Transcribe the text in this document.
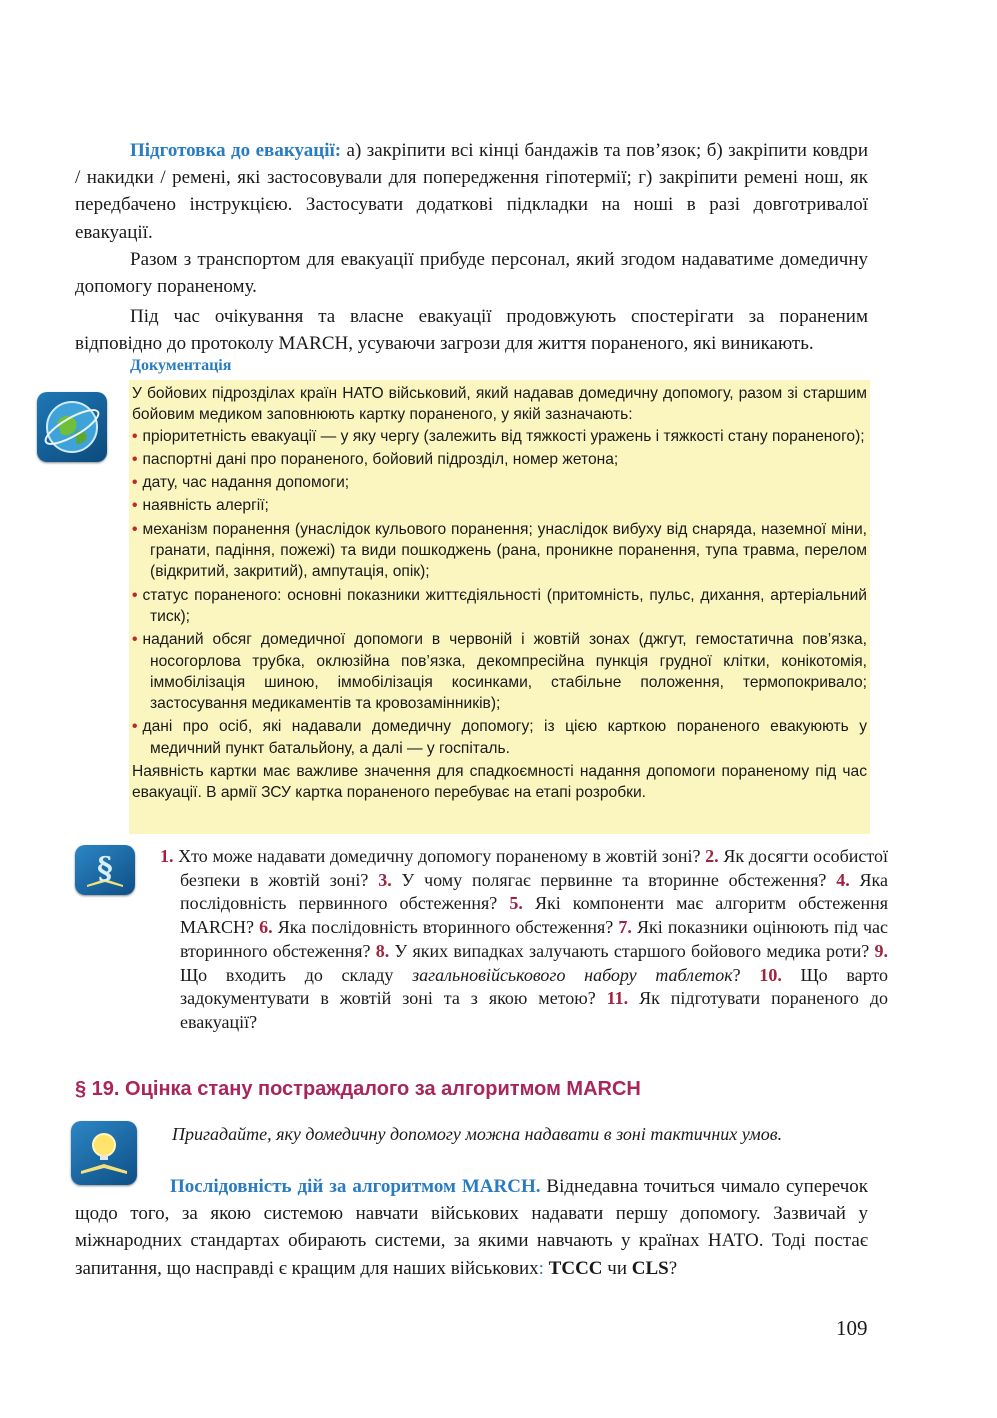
Підготовка до евакуації: а) закріпити всі кінці бандажів та пов’язок; б) закріпити ковдри / накидки / ремені, які застосовували для попередження гіпотермії; г) закріпити ремені нош, як передбачено інструкцією. Застосувати додаткові підкладки на ноші в разі довготривалої евакуації.
Разом з транспортом для евакуації прибуде персонал, який згодом надаватиме домедичну допомогу пораненому.
Під час очікування та власне евакуації продовжують спостерігати за пораненим відповідно до протоколу MARCH, усуваючи загрози для життя пораненого, які виникають.
Документація

У бойових підрозділах країн НАТО військовий, який надавав домедичну допомогу, разом зі старшим бойовим медиком заповнюють картку пораненого, у якій зазначають:

• пріоритетність евакуації — у яку чергу (залежить від тяжкості уражень і тяжкості стану пораненого);
• паспортні дані про пораненого, бойовий підрозділ, номер жетона;
• дату, час надання допомоги;
• наявність алергії;
• механізм поранення (унаслідок кульового поранення; унаслідок вибуху від снаряда, наземної міни, гранати, падіння, пожежі) та види пошкоджень (рана, проникне поранення, тупа травма, перелом (відкритий, закритий), ампутація, опік);
• статус пораненого: основні показники життєдіяльності (притомність, пульс, дихання, артеріальний тиск);
• наданий обсяг домедичної допомоги в червоній і жовтій зонах (джгут, гемостатична пов’язка, носогорлова трубка, оклюзійна пов’язка, декомпресійна пункція грудної клітки, конікотомія, іммобілізація шиною, іммобілізація косинками, стабільне положення, термопокривало; застосування медикаментів та кровозамінників);
• дані про осіб, які надавали домедичну допомогу; із цією карткою пораненого евакуюють у медичний пункт батальйону, а далі — у госпіталь.

Наявність картки має важливе значення для спадкоємності надання допомоги пораненому під час евакуації. В армії ЗСУ картка пораненого перебуває на етапі розробки.

§	1. Хто може надавати домедичну допомогу пораненому в жовтій зоні? 2. Як досягти особистої безпеки в жовтій зоні? 3. У чому полягає первинне та вторинне обстеження? 4. Яка послідовність первинного обстеження? 5. Які компоненти має алгоритм обстеження MARCH? 6. Яка послідовність вторинного обстеження? 7. Які показники оцінюють під час вторинного обстеження? 8. У яких випадках залучають старшого бойового медика роти? 9. Що входить до складу загальновійськового набору таблеток? 10. Що варто задокументувати в жовтій зоні та з якою метою? 11. Як підготувати пораненого до евакуації?
§ 19. Оцінка стану постраждалого за алгоритмом MARCH
Пригадайте, яку домедичну допомогу можна надавати в зоні тактичних умов.
Послідовність дій за алгоритмом MARCH. Віднедавна точиться чимало суперечок щодо того, за якою системою навчати військових надавати першу допомогу. Зазвичай у міжнародних стандартах обирають системи, за якими навчають у країнах НАТО. Тоді постає запитання, що насправді є кращим для наших військових: TCCC чи CLS?
109
